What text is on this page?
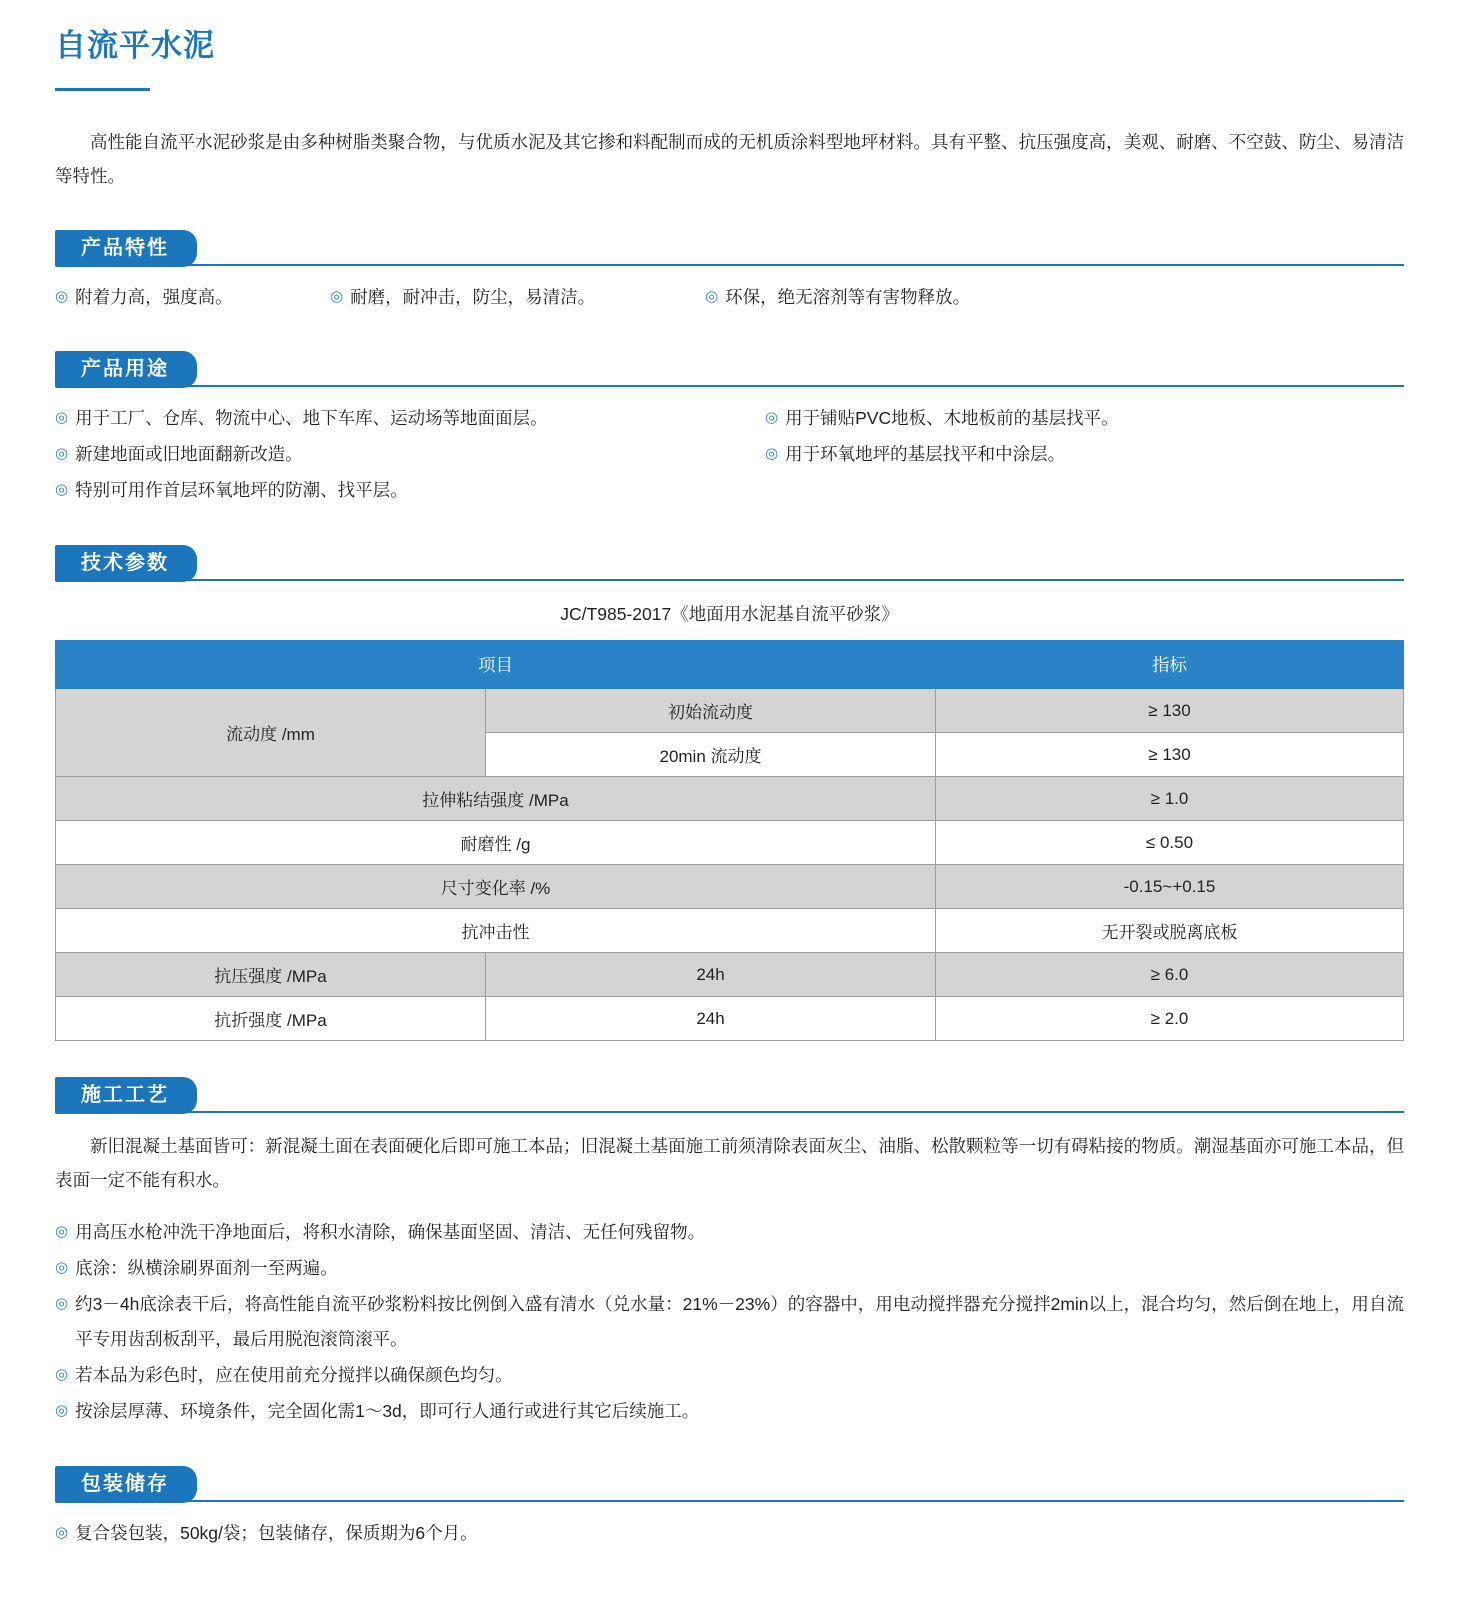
自流平水泥

高性能自流平水泥砂浆是由多种树脂类聚合物，与优质水泥及其它掺和料配制而成的无机质涂料型地坪材料。具有平整、抗压强度高，美观、耐磨、不空鼓、防尘、易清洁等特性。

产品特性
◎ 附着力高，强度高。	◎ 耐磨，耐冲击，防尘，易清洁。	◎ 环保，绝无溶剂等有害物释放。
产品用途
◎ 用于工厂、仓库、物流中心、地下车库、运动场等地面面层。
◎ 新建地面或旧地面翻新改造。
◎ 特别可用作首层环氧地坪的防潮、找平层。
◎ 用于铺贴PVC地板、木地板前的基层找平。
◎ 用于环氧地坪的基层找平和中涂层。
技术参数
JC/T985-2017《地面用水泥基自流平砂浆》
项目		指标
流动度 /mm	初始流动度	≥ 130
	20min 流动度	≥ 130
拉伸粘结强度 /MPa		≥ 1.0
耐磨性 /g		≤ 0.50
尺寸变化率 /%		-0.15~+0.15
抗冲击性		无开裂或脱离底板
抗压强度 /MPa	24h	≥ 6.0
抗折强度 /MPa	24h	≥ 2.0
施工工艺

新旧混凝土基面皆可：新混凝土面在表面硬化后即可施工本品；旧混凝土基面施工前须清除表面灰尘、油脂、松散颗粒等一切有碍粘接的物质。潮湿基面亦可施工本品，但表面一定不能有积水。

◎ 用高压水枪冲洗干净地面后，将积水清除，确保基面坚固、清洁、无任何残留物。
◎ 底涂：纵横涂刷界面剂一至两遍。
◎ 约3－4h底涂表干后，将高性能自流平砂浆粉料按比例倒入盛有清水（兑水量：21%－23%）的容器中，用电动搅拌器充分搅拌2min以上，混合均匀，然后倒在地上，用自流平专用齿刮板刮平，最后用脱泡滚筒滚平。
◎ 若本品为彩色时，应在使用前充分搅拌以确保颜色均匀。
◎ 按涂层厚薄、环境条件，完全固化需1～3d，即可行人通行或进行其它后续施工。
包装储存
◎ 复合袋包装，50kg/袋；包装储存，保质期为6个月。
